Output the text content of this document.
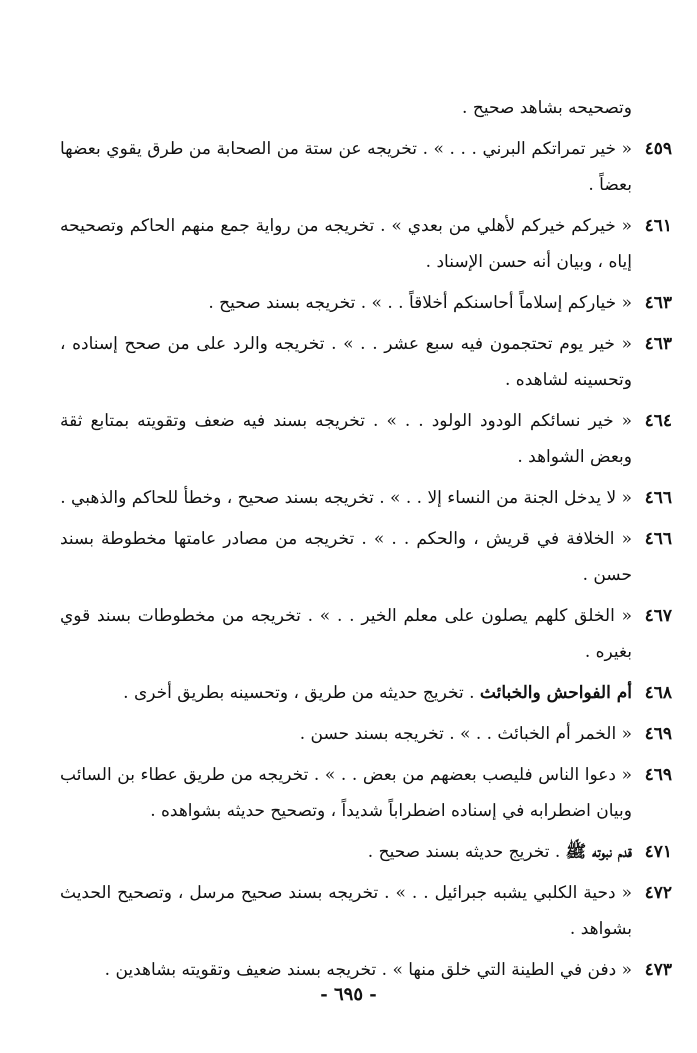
وتصحيحه بشاهد صحيح .
٤٥٩
« خير تمراتكم البرني . . . » . تخريجه عن ستة من الصحابة من طرق يقوي بعضها بعضاً .
٤٦١
« خيركم خيركم لأهلي من بعدي » . تخريجه من رواية جمع منهم الحاكم وتصحيحه إياه ، وبيان أنه حسن الإسناد .
٤٦٣
« خياركم إسلاماً أحاسنكم أخلاقاً . . » . تخريجه بسند صحيح .
٤٦٣
« خير يوم تحتجمون فيه سبع عشر . . » . تخريجه والرد على من صحح إسناده ، وتحسينه لشاهده .
٤٦٤
« خير نسائكم الودود الولود . . » . تخريجه بسند فيه ضعف وتقويته بمتابع ثقة وبعض الشواهد .
٤٦٦
« لا يدخل الجنة من النساء إلا . . » . تخريجه بسند صحيح ، وخطأ للحاكم والذهبي .
٤٦٦
« الخلافة في قريش ، والحكم . . » . تخريجه من مصادر عامتها مخطوطة بسند حسن .
٤٦٧
« الخلق كلهم يصلون على معلم الخير . . » . تخريجه من مخطوطات بسند قوي بغيره .
٤٦٨
أم الفواحش والخبائث . تخريج حديثه من طريق ، وتحسينه بطريق أخرى .
٤٦٩
« الخمر أم الخبائث . . » . تخريجه بسند حسن .
٤٦٩
« دعوا الناس فليصب بعضهم من بعض . . » . تخريجه من طريق عطاء بن السائب وبيان اضطرابه في إسناده اضطراباً شديداً ، وتصحيح حديثه بشواهده .
٤٧١
قدم نبوته ﷺ . تخريج حديثه بسند صحيح .
٤٧٢
« دحية الكلبي يشبه جبرائيل . . » . تخريجه بسند صحيح مرسل ، وتصحيح الحديث بشواهد .
٤٧٣
« دفن في الطينة التي خلق منها » . تخريجه بسند ضعيف وتقويته بشاهدين .
- ٦٩٥ -
